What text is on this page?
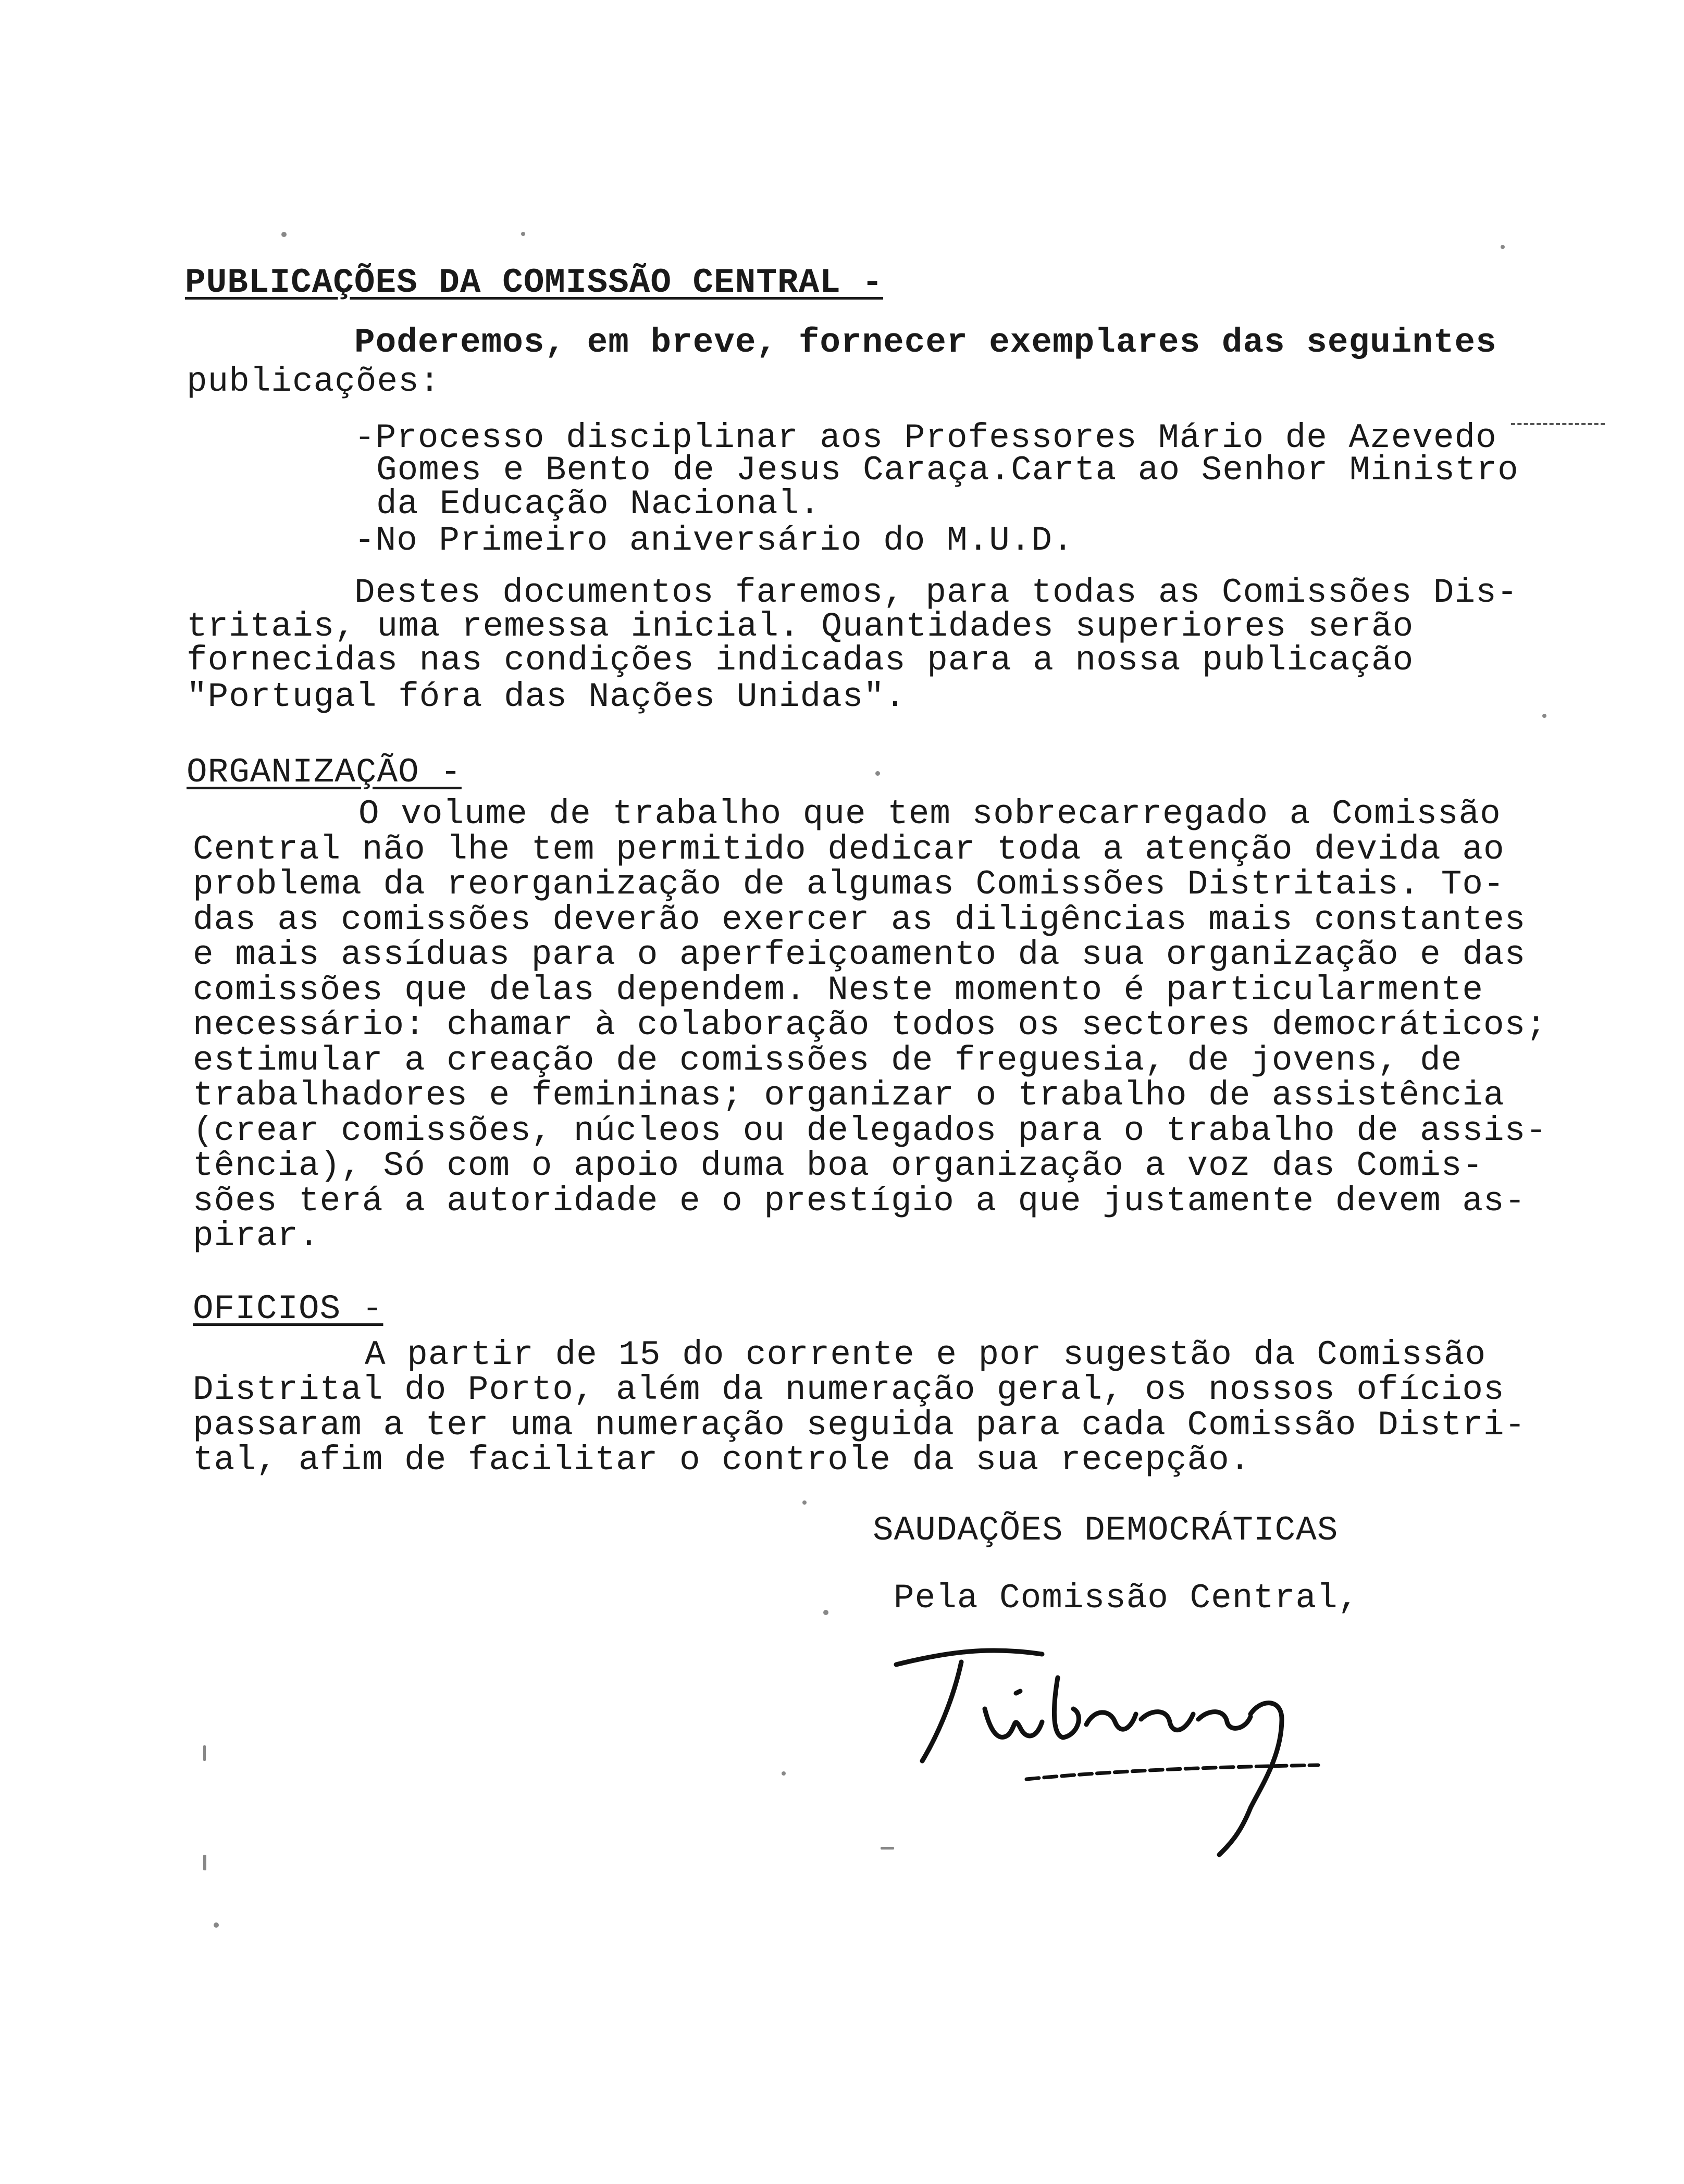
PUBLICAÇÕES DA COMISSÃO CENTRAL -
Poderemos, em breve, fornecer exemplares das seguintes
publicações:
-Processo disciplinar aos Professores Mário de Azevedo
Gomes e Bento de Jesus Caraça.Carta ao Senhor Ministro
da Educação Nacional.
-No Primeiro aniversário do M.U.D.
Destes documentos faremos, para todas as Comissões Dis-
tritais, uma remessa inicial. Quantidades superiores serão
fornecidas nas condições indicadas para a nossa publicação
"Portugal fóra das Nações Unidas".
ORGANIZAÇÃO -
O volume de trabalho que tem sobrecarregado a Comissão
Central não lhe tem permitido dedicar toda a atenção devida ao
problema da reorganização de algumas Comissões Distritais. To-
das as comissões deverão exercer as diligências mais constantes
e mais assíduas para o aperfeiçoamento da sua organização e das
comissões que delas dependem. Neste momento é particularmente
necessário: chamar à colaboração todos os sectores democráticos;
estimular a creação de comissões de freguesia, de jovens, de
trabalhadores e femininas; organizar o trabalho de assistência
(crear comissões, núcleos ou delegados para o trabalho de assis-
tência), Só com o apoio duma boa organização a voz das Comis-
sões terá a autoridade e o prestígio a que justamente devem as-
pirar.
OFICIOS -
A partir de 15 do corrente e por sugestão da Comissão
Distrital do Porto, além da numeração geral, os nossos ofícios
passaram a ter uma numeração seguida para cada Comissão Distri-
tal, afim de facilitar o controle da sua recepção.
SAUDAÇÕES DEMOCRÁTICAS
Pela Comissão Central,
